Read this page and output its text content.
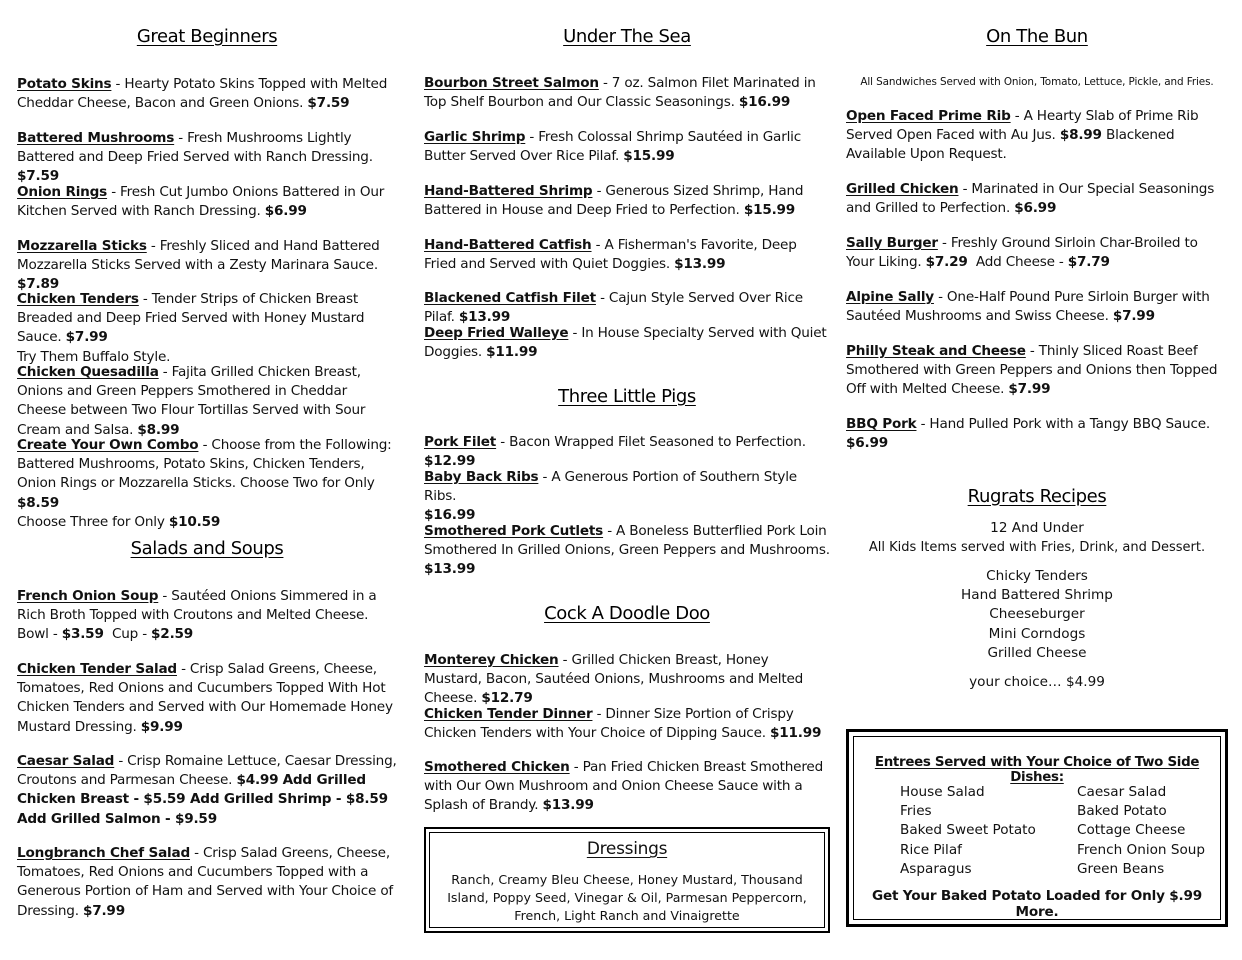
Great Beginners
Potato Skins - Hearty Potato Skins Topped with Melted Cheddar Cheese, Bacon and Green Onions. $7.59
Battered Mushrooms - Fresh Mushrooms Lightly Battered and Deep Fried Served with Ranch Dressing. $7.59
Onion Rings - Fresh Cut Jumbo Onions Battered in Our Kitchen Served with Ranch Dressing. $6.99
Mozzarella Sticks - Freshly Sliced and Hand Battered Mozzarella Sticks Served with a Zesty Marinara Sauce. $7.89
Chicken Tenders - Tender Strips of Chicken Breast Breaded and Deep Fried Served with Honey Mustard Sauce. $7.99
Try Them Buffalo Style.
Chicken Quesadilla - Fajita Grilled Chicken Breast, Onions and Green Peppers Smothered in Cheddar Cheese between Two Flour Tortillas Served with Sour Cream and Salsa. $8.99
Create Your Own Combo - Choose from the Following: Battered Mushrooms, Potato Skins, Chicken Tenders, Onion Rings or Mozzarella Sticks. Choose Two for Only $8.59
Choose Three for Only $10.59
Salads and Soups
French Onion Soup - Sautéed Onions Simmered in a Rich Broth Topped with Croutons and Melted Cheese. Bowl - $3.59 Cup - $2.59
Chicken Tender Salad - Crisp Salad Greens, Cheese, Tomatoes, Red Onions and Cucumbers Topped With Hot Chicken Tenders and Served with Our Homemade Honey Mustard Dressing. $9.99
Caesar Salad - Crisp Romaine Lettuce, Caesar Dressing, Croutons and Parmesan Cheese. $4.99 Add Grilled Chicken Breast - $5.59 Add Grilled Shrimp - $8.59 Add Grilled Salmon - $9.59
Longbranch Chef Salad - Crisp Salad Greens, Cheese, Tomatoes, Red Onions and Cucumbers Topped with a Generous Portion of Ham and Served with Your Choice of Dressing. $7.99
Under The Sea
Bourbon Street Salmon - 7 oz. Salmon Filet Marinated in Top Shelf Bourbon and Our Classic Seasonings. $16.99
Garlic Shrimp - Fresh Colossal Shrimp Sautéed in Garlic Butter Served Over Rice Pilaf. $15.99
Hand-Battered Shrimp - Generous Sized Shrimp, Hand Battered in House and Deep Fried to Perfection. $15.99
Hand-Battered Catfish - A Fisherman's Favorite, Deep Fried and Served with Quiet Doggies. $13.99
Blackened Catfish Filet - Cajun Style Served Over Rice Pilaf. $13.99
Deep Fried Walleye - In House Specialty Served with Quiet Doggies. $11.99
Three Little Pigs
Pork Filet - Bacon Wrapped Filet Seasoned to Perfection. $12.99
Baby Back Ribs - A Generous Portion of Southern Style Ribs.
$16.99
Smothered Pork Cutlets - A Boneless Butterflied Pork Loin Smothered In Grilled Onions, Green Peppers and Mushrooms.
$13.99
Cock A Doodle Doo
Monterey Chicken - Grilled Chicken Breast, Honey Mustard, Bacon, Sautéed Onions, Mushrooms and Melted Cheese. $12.79
Chicken Tender Dinner - Dinner Size Portion of Crispy Chicken Tenders with Your Choice of Dipping Sauce. $11.99
Smothered Chicken - Pan Fried Chicken Breast Smothered with Our Own Mushroom and Onion Cheese Sauce with a Splash of Brandy. $13.99
Dressings
Ranch, Creamy Bleu Cheese, Honey Mustard, Thousand Island, Poppy Seed, Vinegar & Oil, Parmesan Peppercorn, French, Light Ranch and Vinaigrette
On The Bun
All Sandwiches Served with Onion, Tomato, Lettuce, Pickle, and Fries.
Open Faced Prime Rib - A Hearty Slab of Prime Rib Served Open Faced with Au Jus. $8.99 Blackened Available Upon Request.
Grilled Chicken - Marinated in Our Special Seasonings and Grilled to Perfection. $6.99
Sally Burger - Freshly Ground Sirloin Char-Broiled to Your Liking. $7.29 Add Cheese - $7.79
Alpine Sally - One-Half Pound Pure Sirloin Burger with Sautéed Mushrooms and Swiss Cheese. $7.99
Philly Steak and Cheese - Thinly Sliced Roast Beef Smothered with Green Peppers and Onions then Topped Off with Melted Cheese. $7.99
BBQ Pork - Hand Pulled Pork with a Tangy BBQ Sauce. $6.99
Rugrats Recipes
12 And Under
All Kids Items served with Fries, Drink, and Dessert.
Chicky Tenders
Hand Battered Shrimp
Cheeseburger
Mini Corndogs
Grilled Cheese
your choice… $4.99
Entrees Served with Your Choice of Two Side Dishes:
House Salad
Fries
Baked Sweet Potato
Rice Pilaf
Asparagus
Caesar Salad
Baked Potato
Cottage Cheese
French Onion Soup
Green Beans
Get Your Baked Potato Loaded for Only $.99 More.
